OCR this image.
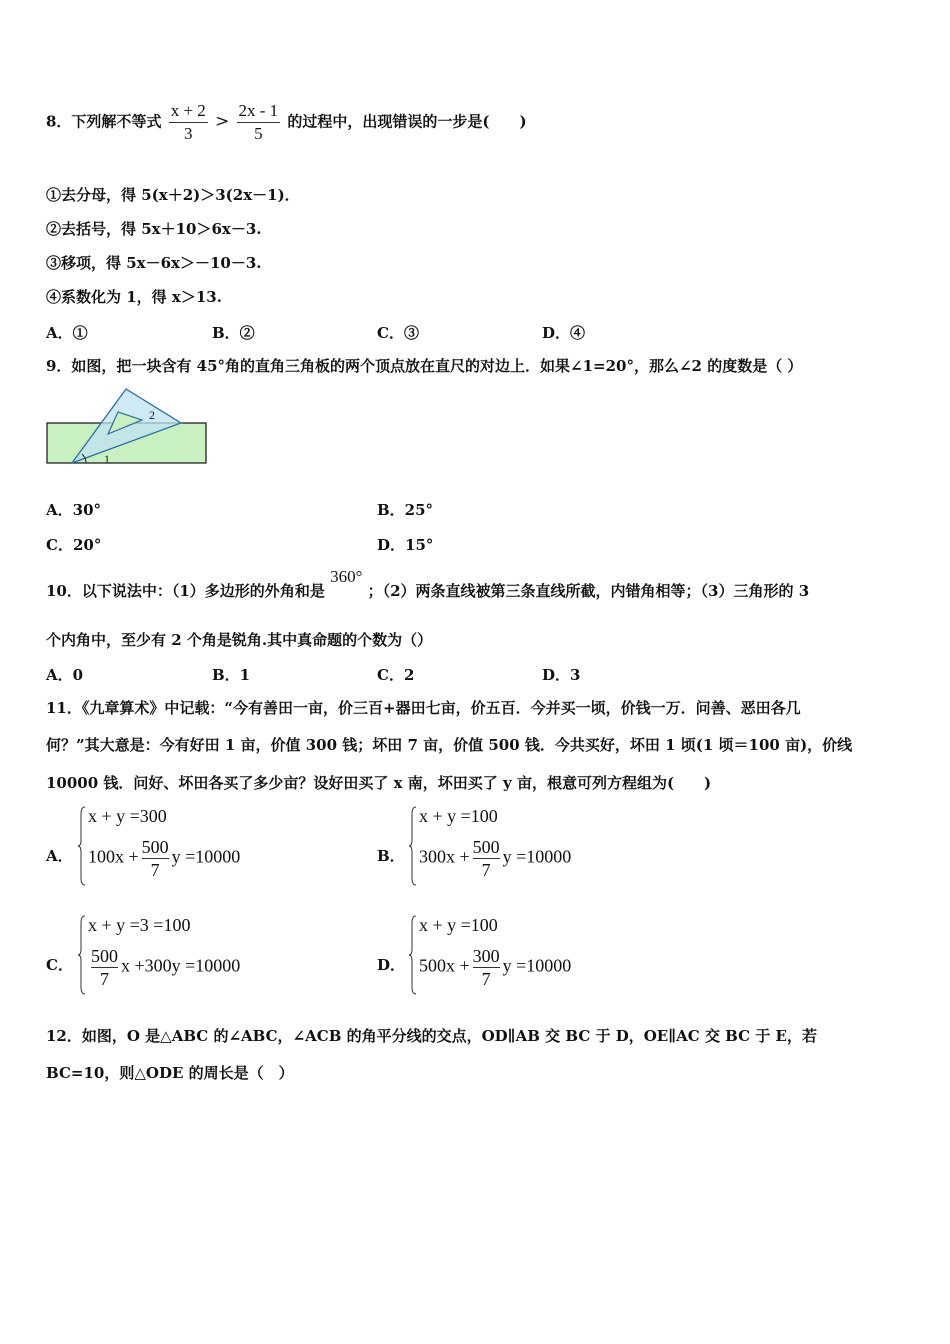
8．下列解不等式 $\frac{x + 2}{3} > \frac{2x - 1}{5}$ 的过程中，出现错误的一步是(　　)
①去分母，得 5(x＋2)＞3(2x－1)．
②去括号，得 5x＋10＞6x－3.
③移项，得 5x－6x＞－10－3.
④系数化为 1，得 x＞13.
A．①	B．②	C．③	D．④
9．如图，把一块含有 45°角的直角三角板的两个顶点放在直尺的对边上．如果∠1=20°，那么∠2 的度数是（ ）
1
2
A．30°	B．25°
C．20°	D．15°
10．以下说法中：（1）多边形的外角和是 360° ；（2）两条直线被第三条直线所截，内错角相等；（3）三角形的 3
个内角中，至少有 2 个角是锐角.其中真命题的个数为（）
A．0	B．1	C．2	D．3
11．《九章算术》中记载：“今有善田一亩，价三百+器田七亩，价五百．今并买一顷，价钱一万．问善、恶田各几
何？”其大意是：今有好田 1 亩，价值 300 钱；坏田 7 亩，价值 500 钱．今共买好，坏田 1 顷(1 顷＝100 亩)，价线
10000 钱．问好、坏田各买了多少亩？设好田买了 x 南，坏田买了 y 亩，根意可列方程组为(　　)
A．
x + y =300
$100x + \frac{500}{7}$ y =10000	B．
x + y =100
$300x + \frac{500}{7}$ y =10000
C．
x + y =3 =100
$\frac{500}{7}$ x +300y =10000	D．
x + y =100
$500x + \frac{300}{7}$ y =10000
12．如图，O 是△ABC 的∠ABC，∠ACB 的角平分线的交点，OD∥AB 交 BC 于 D，OE∥AC 交 BC 于 E，若
BC=10，则△ODE 的周长是（　）
